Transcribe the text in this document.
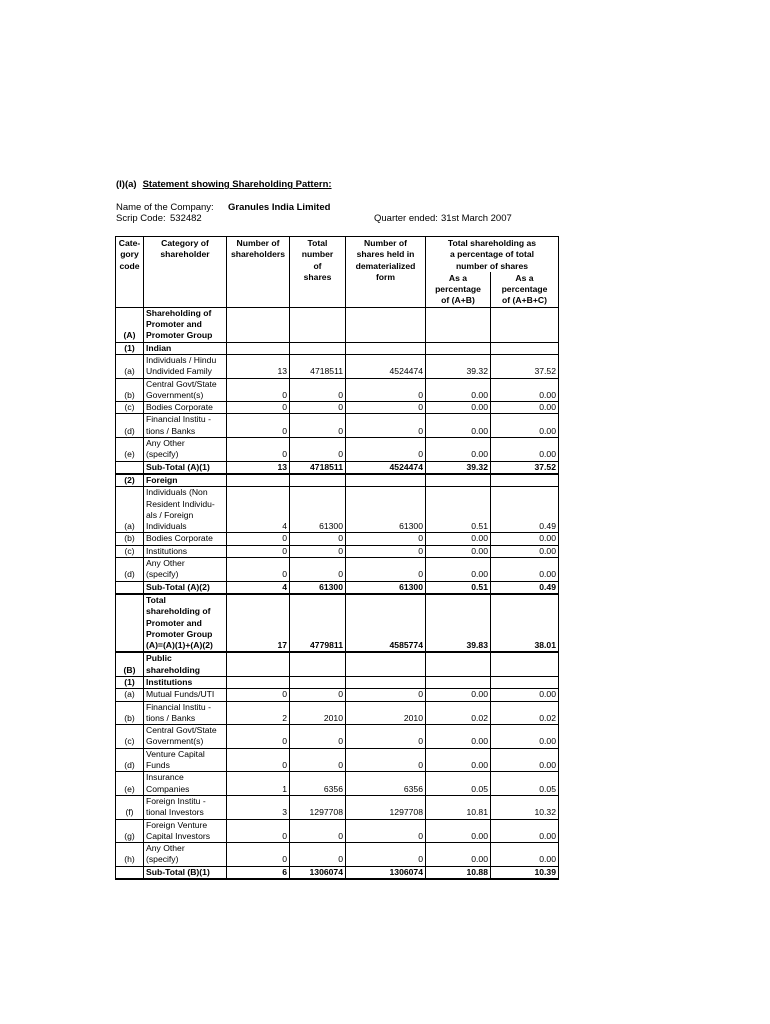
(I)(a) Statement showing Shareholding Pattern:
Name of the Company: Granules India Limited
Scrip Code: 532482	Quarter ended: 31st March 2007
Cate-
gory
code	Category of
shareholder	Number of
shareholders	Total
number
of
shares	Number of
shares held in
dematerialized
form	Total shareholding as
a percentage of total
number of shares	
					As a
percentage
of (A+B)	As a
percentage
of (A+B+C)
(A)	Shareholding of
Promoter and
Promoter Group					
(1)	Indian					
(a)	Individuals / Hindu
Undivided Family	13	4718511	4524474	39.32	37.52
(b)	Central Govt/State
Government(s)	0	0	0	0.00	0.00
(c)	Bodies Corporate	0	0	0	0.00	0.00
(d)	Financial Institu -
tions / Banks	0	0	0	0.00	0.00
(e)	Any Other
(specify)	0	0	0	0.00	0.00
	Sub-Total (A)(1)	13	4718511	4524474	39.32	37.52
(2)	Foreign					
(a)	Individuals (Non
Resident Individu-
als / Foreign
Individuals	4	61300	61300	0.51	0.49
(b)	Bodies Corporate	0	0	0	0.00	0.00
(c)	Institutions	0	0	0	0.00	0.00
(d)	Any Other
(specify)	0	0	0	0.00	0.00
	Sub-Total (A)(2)	4	61300	61300	0.51	0.49
	Total
shareholding of
Promoter and
Promoter Group
(A)=(A)(1)+(A)(2)	17	4779811	4585774	39.83	38.01
(B)	Public
shareholding					
(1)	Institutions					
(a)	Mutual Funds/UTI	0	0	0	0.00	0.00
(b)	Financial Institu -
tions / Banks	2	2010	2010	0.02	0.02
(c)	Central Govt/State
Government(s)	0	0	0	0.00	0.00
(d)	Venture Capital
Funds	0	0	0	0.00	0.00
(e)	Insurance
Companies	1	6356	6356	0.05	0.05
(f)	Foreign Institu -
tional Investors	3	1297708	1297708	10.81	10.32
(g)	Foreign Venture
Capital Investors	0	0	0	0.00	0.00
(h)	Any Other
(specify)	0	0	0	0.00	0.00
	Sub-Total (B)(1)	6	1306074	1306074	10.88	10.39
